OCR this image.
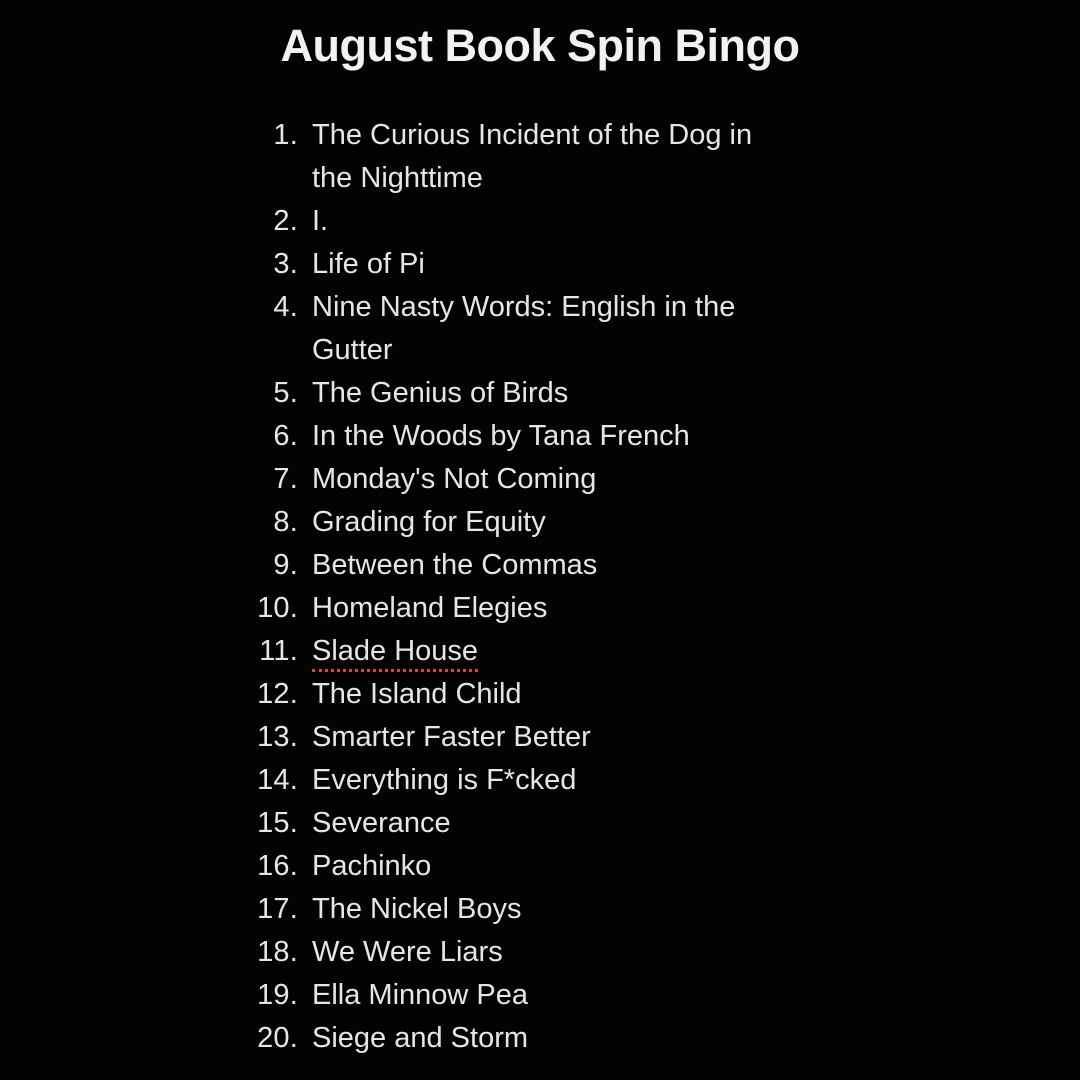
August Book Spin Bingo
1. The Curious Incident of the Dog in the Nighttime
2. I.
3. Life of Pi
4. Nine Nasty Words: English in the Gutter
5. The Genius of Birds
6. In the Woods by Tana French
7. Monday's Not Coming
8. Grading for Equity
9. Between the Commas
10. Homeland Elegies
11. Slade House
12. The Island Child
13. Smarter Faster Better
14. Everything is F*cked
15. Severance
16. Pachinko
17. The Nickel Boys
18. We Were Liars
19. Ella Minnow Pea
20. Siege and Storm
